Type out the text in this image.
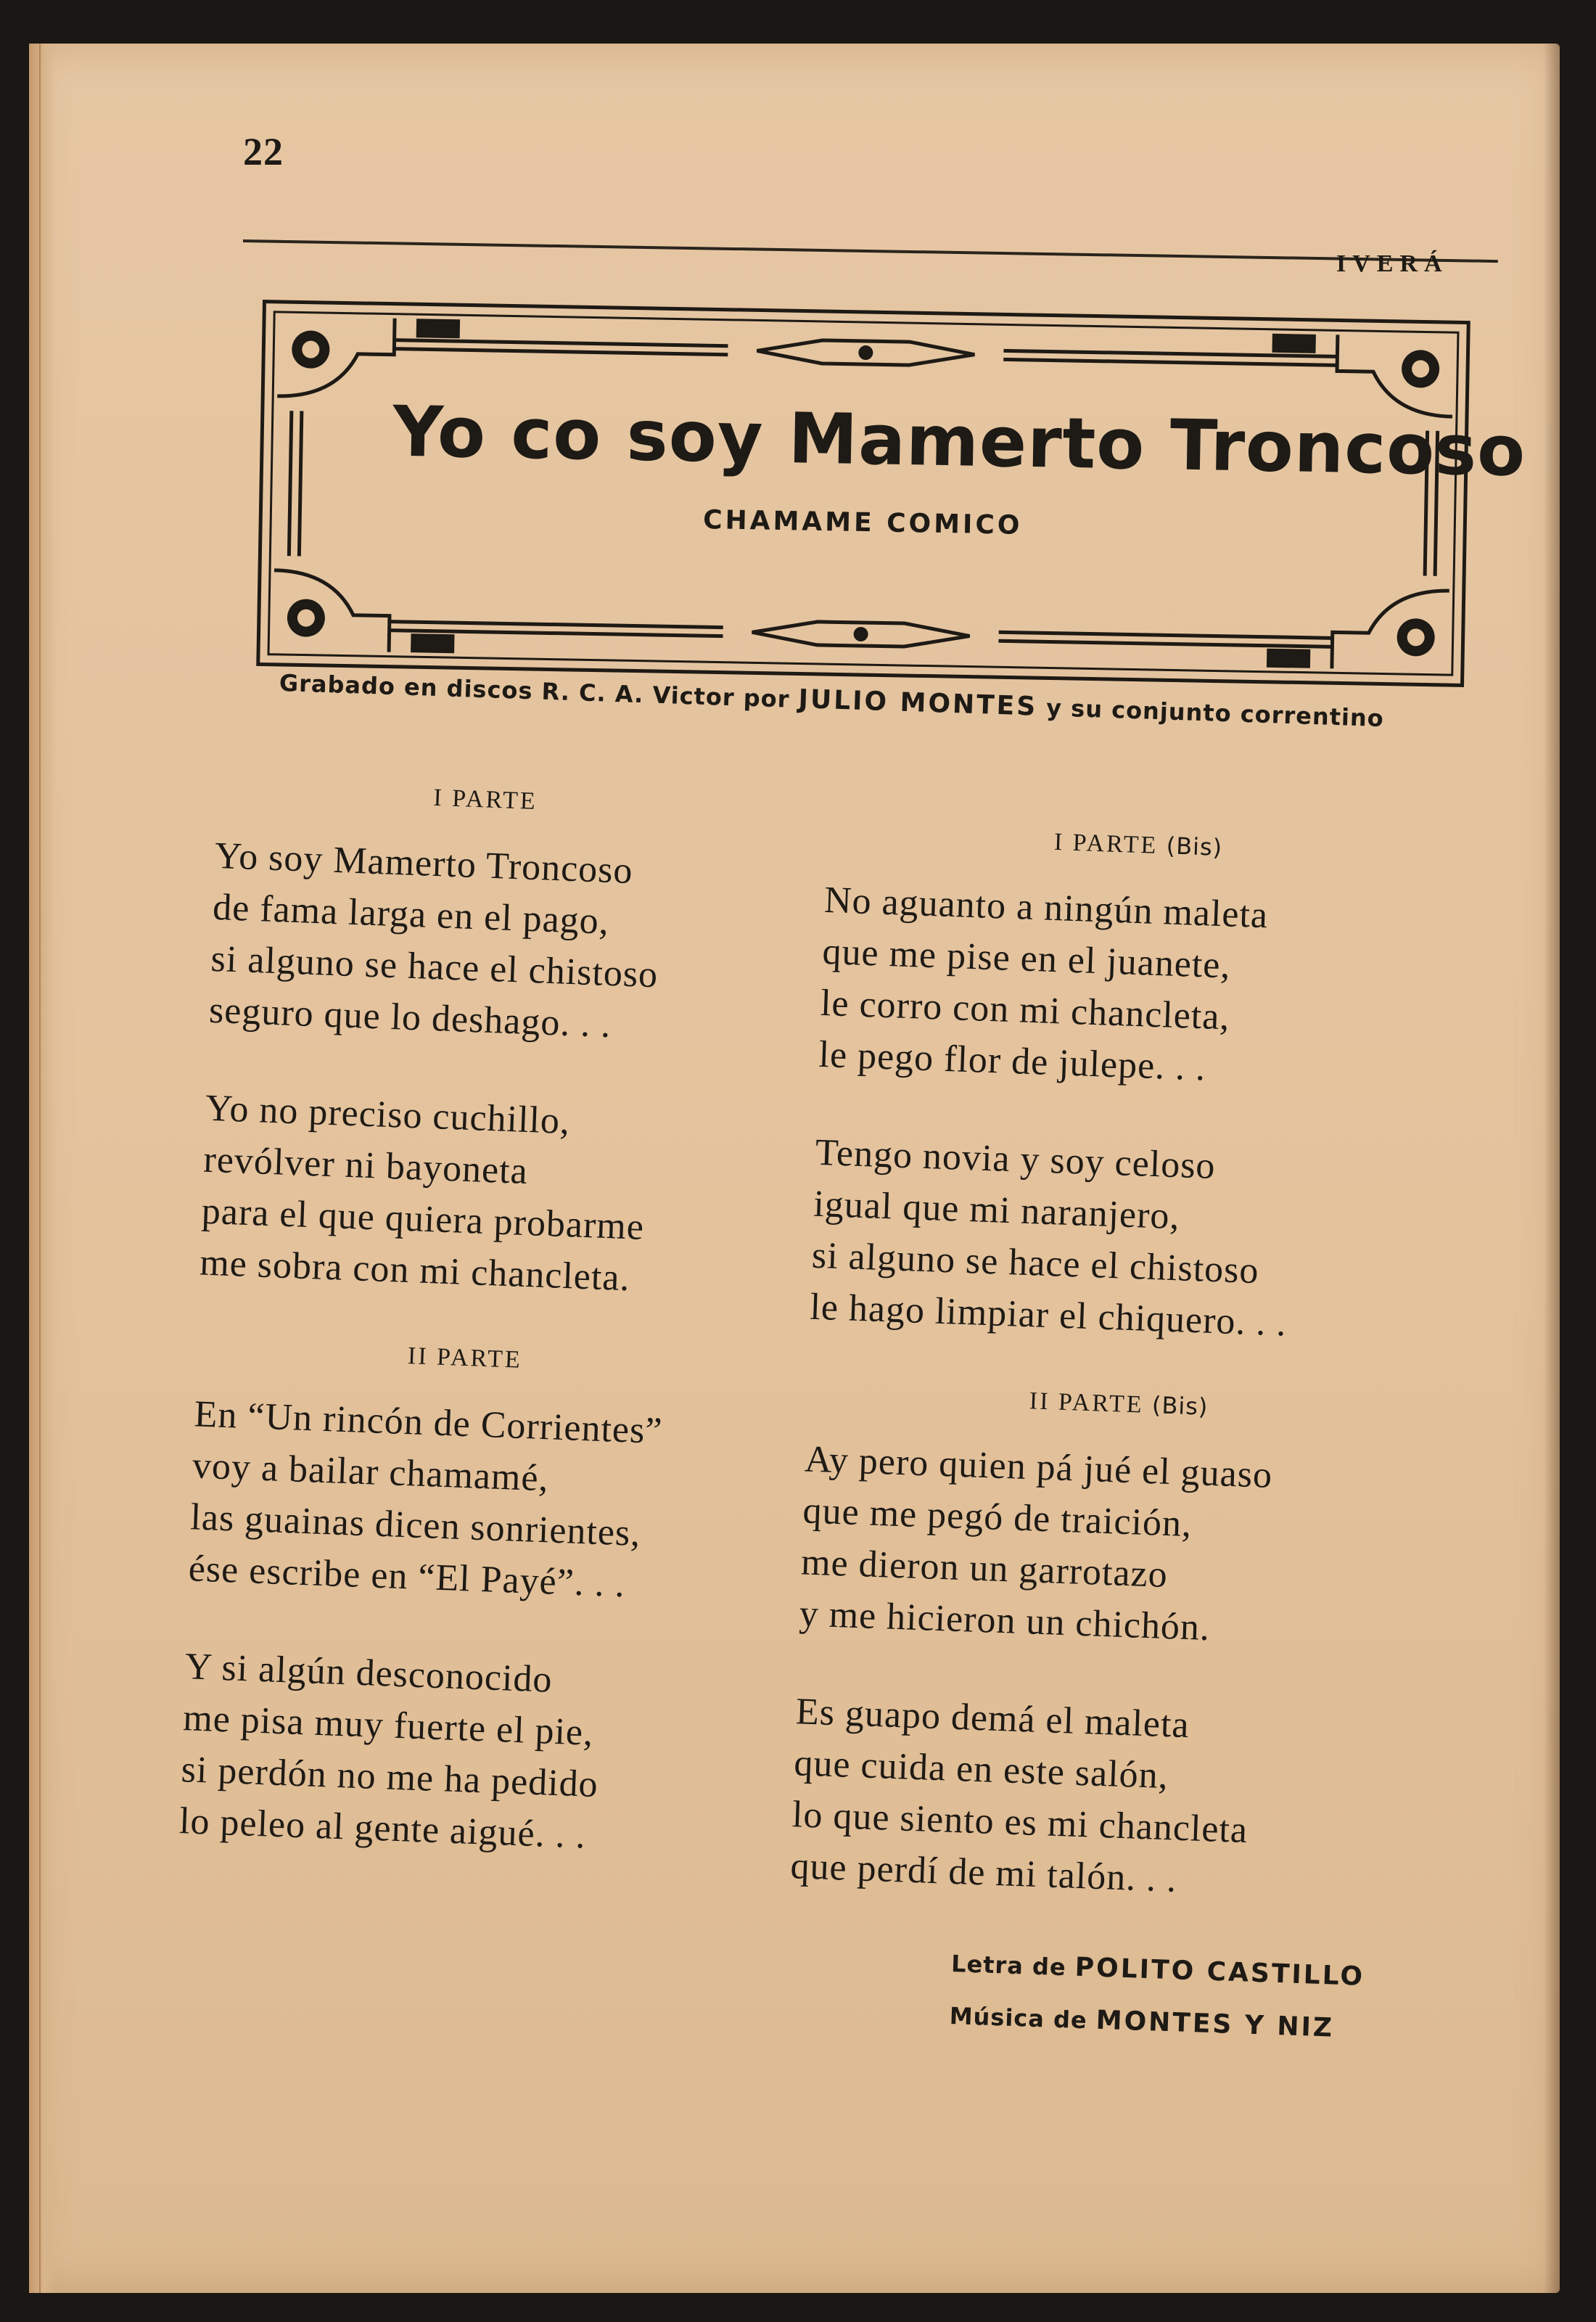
22
IVERÁ
Yo co soy Mamerto Troncoso
CHAMAME COMICO
Grabado en discos R. C. A. Victor por JULIO MONTES y su conjunto correntino
I PARTE
Yo soy Mamerto Troncoso
de fama larga en el pago,
si alguno se hace el chistoso
seguro que lo deshago. . .
Yo no preciso cuchillo,
revólver ni bayoneta
para el que quiera probarme
me sobra con mi chancleta.
II PARTE
En “Un rincón de Corrientes”
voy a bailar chamamé,
las guainas dicen sonrientes,
ése escribe en “El Payé”. . .
Y si algún desconocido
me pisa muy fuerte el pie,
si perdón no me ha pedido
lo peleo al gente aigué. . .
I PARTE (Bis)
No aguanto a ningún maleta
que me pise en el juanete,
le corro con mi chancleta,
le pego flor de julepe. . .
Tengo novia y soy celoso
igual que mi naranjero,
si alguno se hace el chistoso
le hago limpiar el chiquero. . .
II PARTE (Bis)
Ay pero quien pá jué el guaso
que me pegó de traición,
me dieron un garrotazo
y me hicieron un chichón.
Es guapo demá el maleta
que cuida en este salón,
lo que siento es mi chancleta
que perdí de mi talón. . .
Letra de POLITO CASTILLO
Música de MONTES Y NIZ
